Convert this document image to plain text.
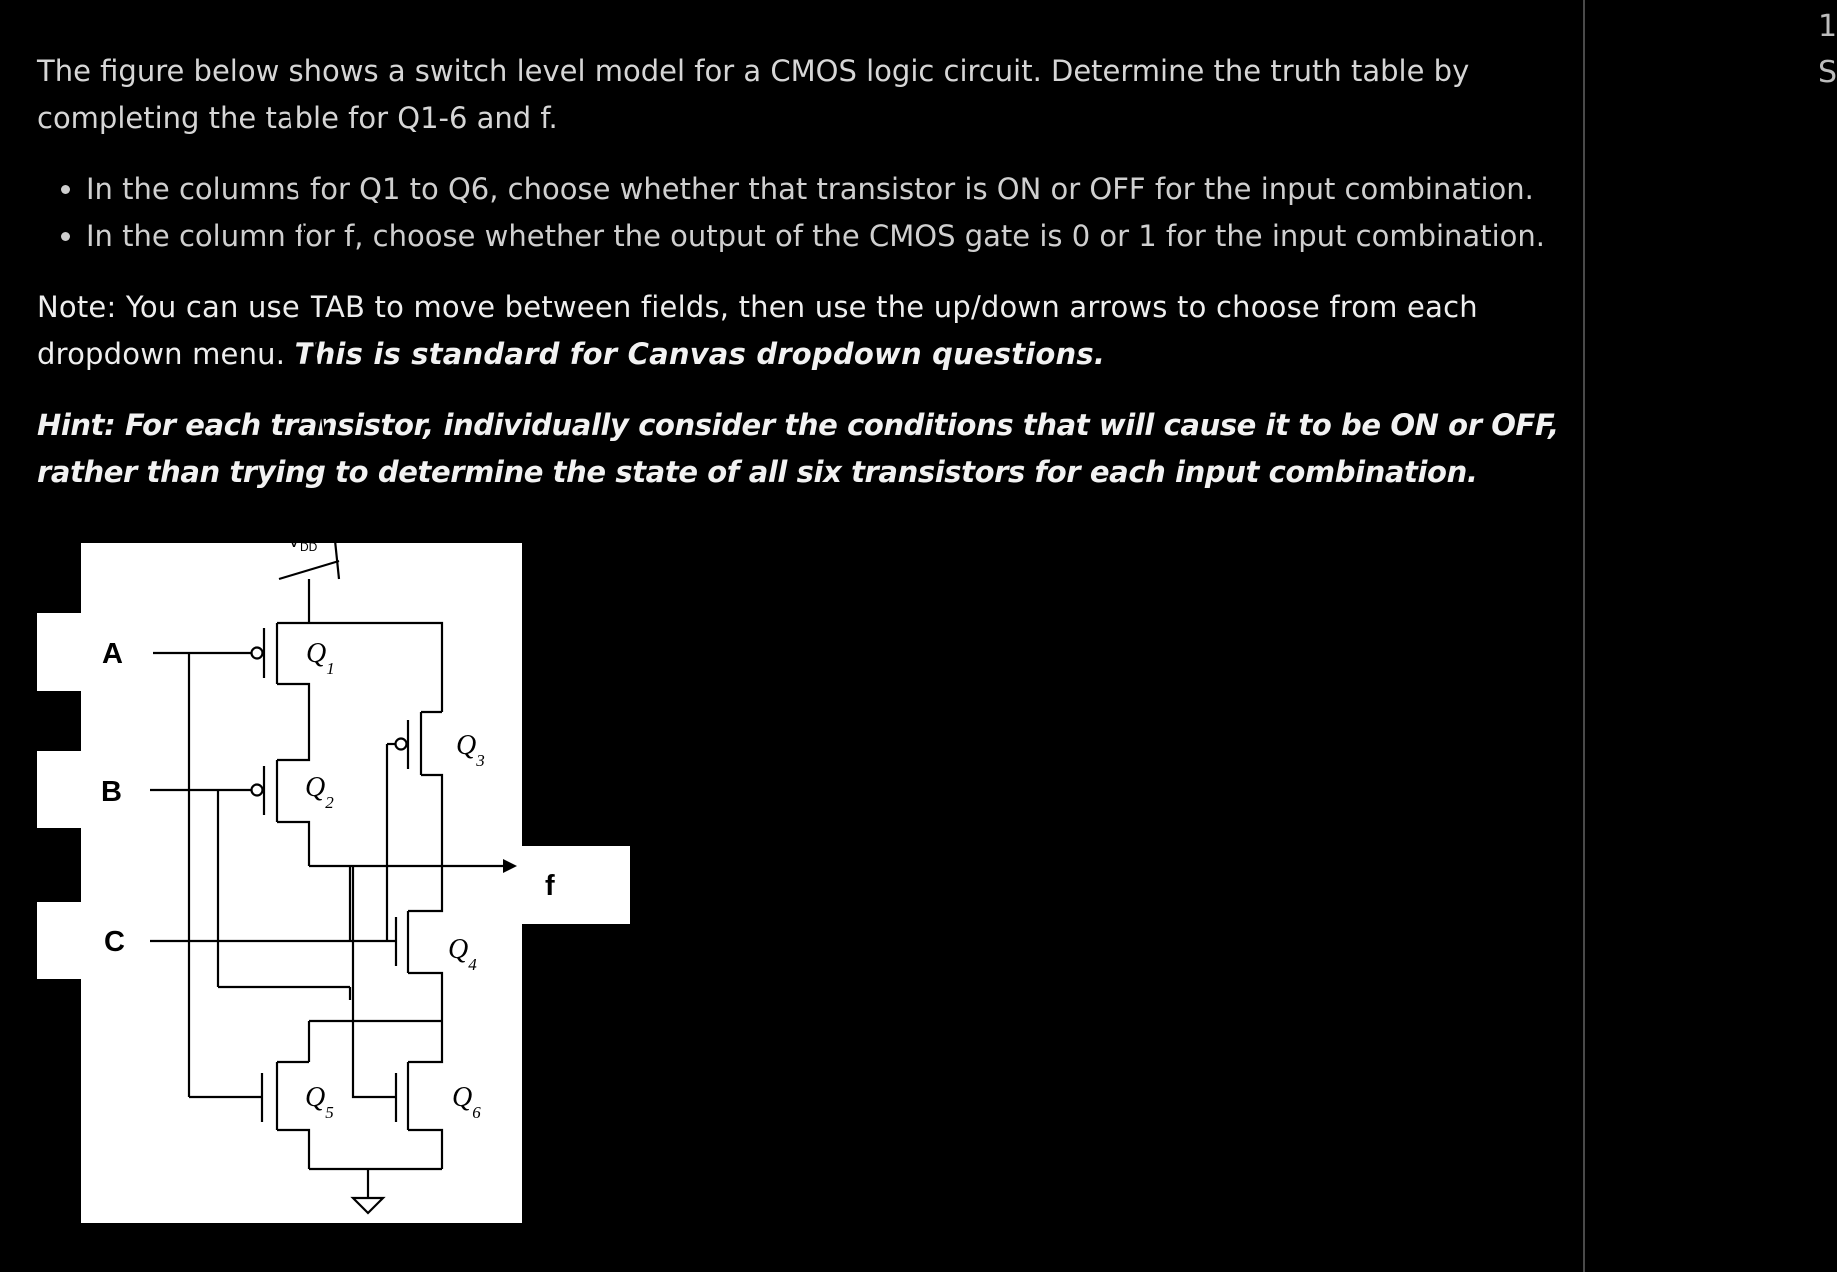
The figure below shows a switch level model for a CMOS logic circuit. Determine the truth table by completing the table for Q1-6 and f.

• In the columns for Q1 to Q6, choose whether that transistor is ON or OFF for the input combination.
• In the column for f, choose whether the output of the CMOS gate is 0 or 1 for the input combination.

Note: You can use TAB to move between fields, then use the up/down arrows to choose from each dropdown menu. This is standard for Canvas dropdown questions.

Hint: For each transistor, individually consider the conditions that will cause it to be ON or OFF, rather than trying to determine the state of all six transistors for each input combination.

1
S
$V_{DD}$
A
B
C
f
$Q_1$
$Q_3$
$Q_2$
$Q_4$
$Q_5$	$Q_6$
